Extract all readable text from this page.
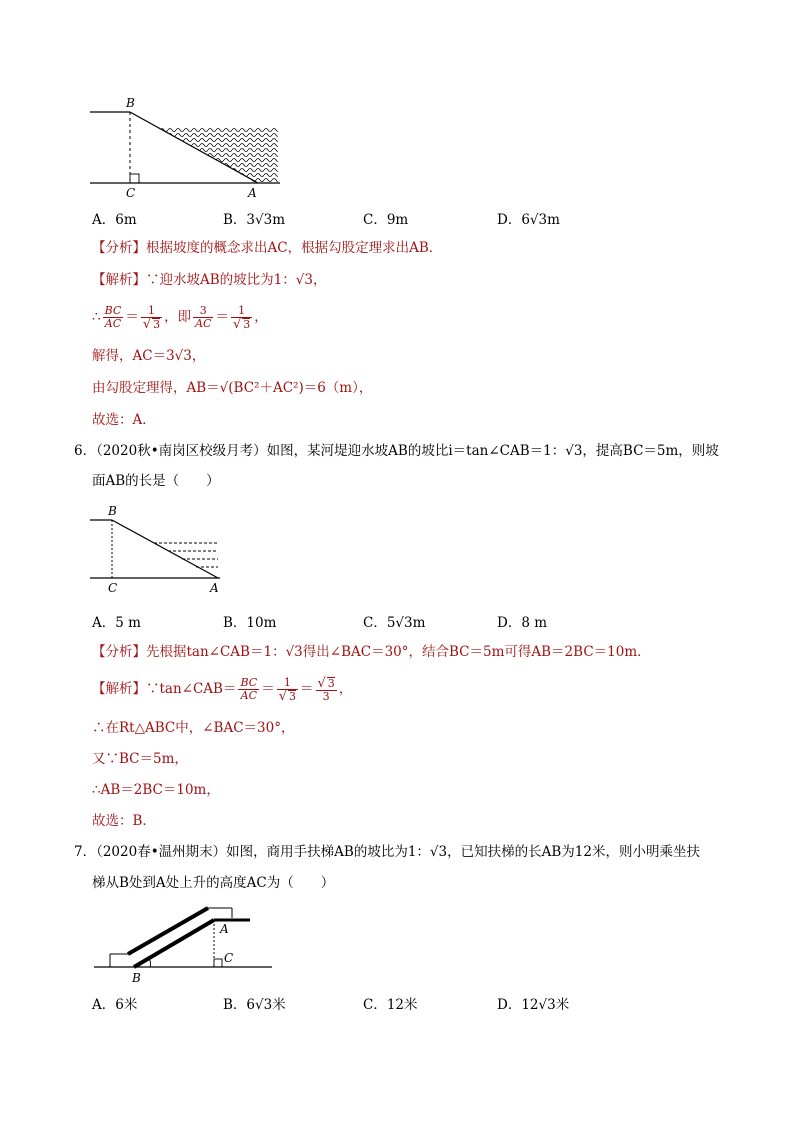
B
C	A
A．6m	B．3√3m	C．9m	D．6√3m
【分析】根据坡度的概念求出AC，根据勾股定理求出AB．
【解析】∵迎水坡AB的坡比为1：√3，
∴ $\frac{BC}{AC} = \frac{1}{√ 3}$ ，即 $\frac{3}{AC} = \frac{1}{√ 3}$ ，
解得，AC＝3√3，
由勾股定理得，AB＝√(BC²＋AC²)＝6（m），
故选：A．
6．（2020秋•南岗区校级月考）如图，某河堤迎水坡AB的坡比i＝tan∠CAB＝1：√3，提高BC＝5m，则坡
面AB的长是（　　）
B
C	A
A．5 m	B．10m	C．5√3m	D．8 m
【分析】先根据tan∠CAB＝1：√3得出∠BAC＝30°，结合BC＝5m可得AB＝2BC＝10m．
【解析】∵tan∠CAB＝ $\frac{BC}{AC} = \frac{1}{√ 3} = \frac{√ 3}{3}$ ，
∴在Rt△ABC中，∠BAC＝30°，
又∵BC＝5m，
∴AB＝2BC＝10m，
故选：B．
7．（2020春•温州期末）如图，商用手扶梯AB的坡比为1：√3，已知扶梯的长AB为12米，则小明乘坐扶
梯从B处到A处上升的高度AC为（　　）
A
B
C
A．6米	B．6√3米	C．12米	D．12√3米
